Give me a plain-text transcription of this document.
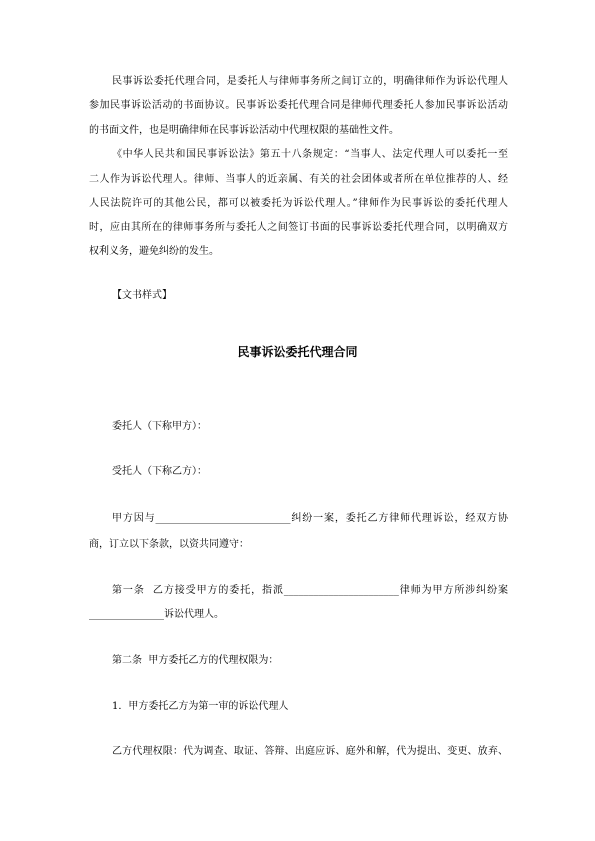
民事诉讼委托代理合同，是委托人与律师事务所之间订立的，明确律师作为诉讼代理人
参加民事诉讼活动的书面协议。民事诉讼委托代理合同是律师代理委托人参加民事诉讼活动
的书面文件，也是明确律师在民事诉讼活动中代理权限的基础性文件。
《中华人民共和国民事诉讼法》第五十八条规定：“当事人、法定代理人可以委托一至
二人作为诉讼代理人。律师、当事人的近亲属、有关的社会团体或者所在单位推荐的人、经
人民法院许可的其他公民，都可以被委托为诉讼代理人。”律师作为民事诉讼的委托代理人
时，应由其所在的律师事务所与委托人之间签订书面的民事诉讼委托代理合同，以明确双方
权利义务，避免纠纷的发生。
【文书样式】
民事诉讼委托代理合同
委托人（下称甲方）：
受托人（下称乙方）：
甲方因与___________________________纠纷一案，委托乙方律师代理诉讼，经双方协
商，订立以下条款，以资共同遵守：
第一条  乙方接受甲方的委托，指派_______________________律师为甲方所涉纠纷案
_______________诉讼代理人。
第二条  甲方委托乙方的代理权限为：
1．甲方委托乙方为第一审的诉讼代理人
乙方代理权限：代为调查、取证、答辩、出庭应诉、庭外和解，代为提出、变更、放弃、
